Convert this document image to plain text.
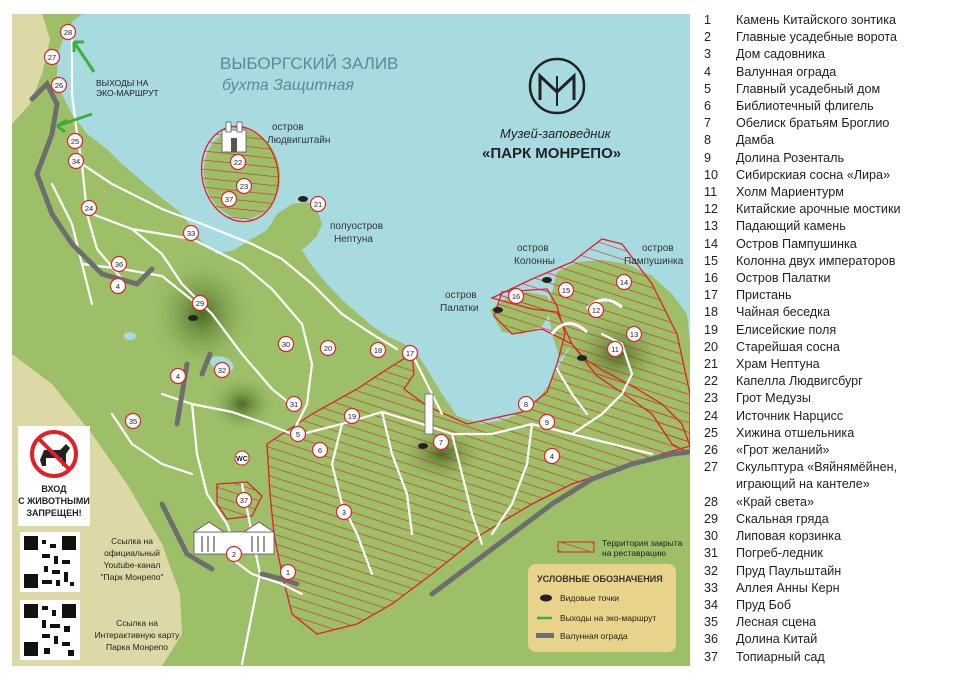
ВЫБОРГСКИЙ ЗАЛИВ
бухта Защитная
Музей-заповедник
«ПАРК МОНРЕПО»
ВЫХОДЫ НА
ЭКО-МАРШРУТ
остров
Людвигштайн
полуостров
Нептуна
остров
Колонны
остров
Пампушинка
остров
Палатки
Территория закрыта
на реставрацию
УСЛОВНЫЕ ОБОЗНАЧЕНИЯ
Видовые точки
Выходы на эко-маршрут
Валунная ограда
ВХОД
С ЖИВОТНЫМИ
ЗАПРЕЩЕН!
Ссылка на
официальный
Youtube-канал
"Парк Монрепо"
Ссылка на
Интерактивную карту
Парка Монрепо
WC
1
2
3
4
4
4
5
6
7
8
9
11
12
13
14
15
16
17
18
19
20
21
22
23
24
25
26
27
28
29
30
31
32
33
34
35
36
37
37
1	Камень Китайского зонтика
2	Главные усадебные ворота
3	Дом садовника
4	Валунная ограда
5	Главный усадебный дом
6	Библиотечный флигель
7	Обелиск братьям Броглио
8	Дамба
9	Долина Розенталь
10	Сибирскиая сосна «Лира»
11	Холм Мариентурм
12	Китайские арочные мостики
13	Падающий камень
14	Остров Пампушинка
15	Колонна двух императоров
16	Остров Палатки
17	Пристань
18	Чайная беседка
19	Елисейские поля
20	Старейшая сосна
21	Храм Нептуна
22	Капелла Людвигсбург
23	Грот Медузы
24	Источник Нарцисс
25	Хижина отшельника
26	«Грот желаний»
27	Скульптура «Вяйнямёйнен,
играющий на кантеле»
28	«Край света»
29	Скальная гряда
30	Липовая корзинка
31	Погреб-ледник
32	Пруд Паульштайн
33	Аллея Анны Керн
34	Пруд Боб
35	Лесная сцена
36	Долина Китай
37	Топиарный сад
